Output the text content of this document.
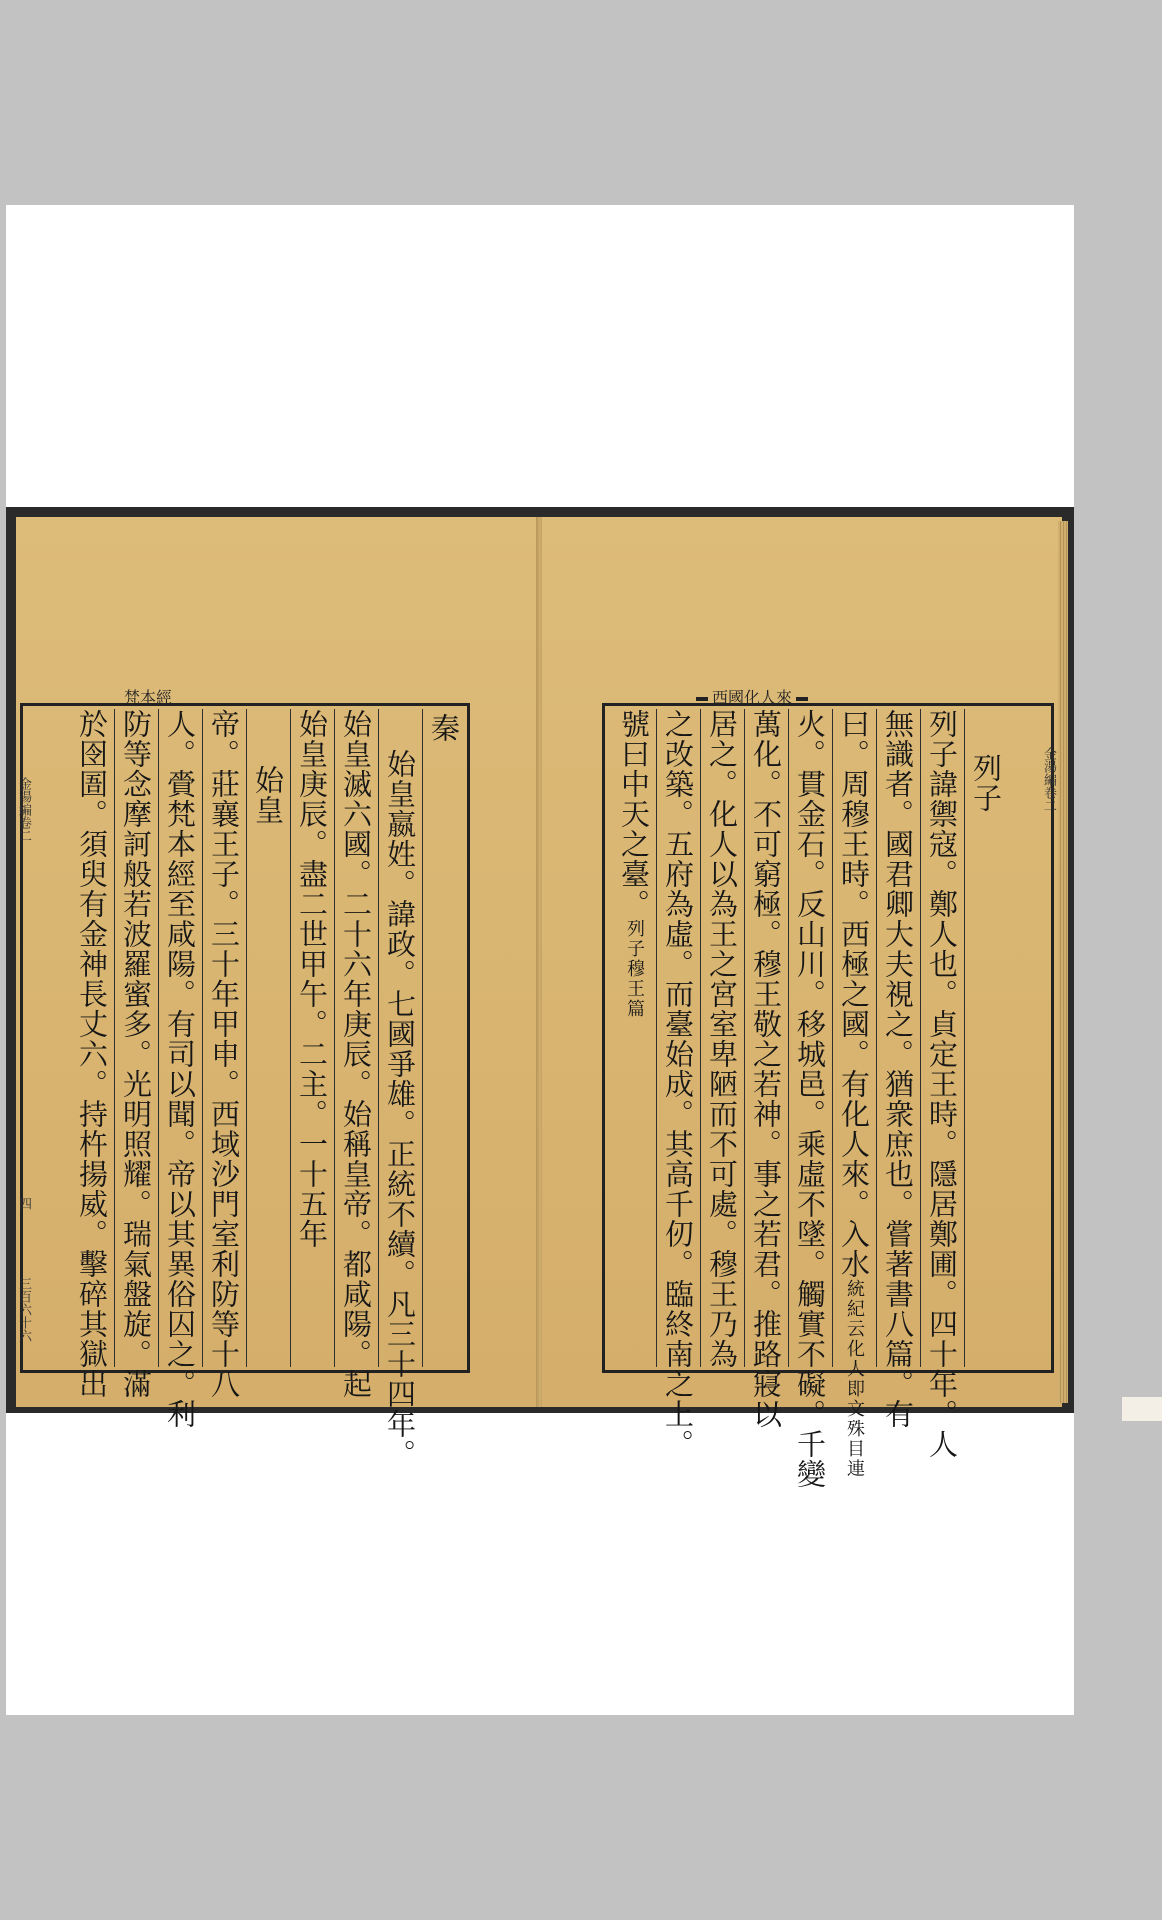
梵本經
金湯編卷二
四
三百六十六
秦
始皇嬴姓。諱政。七國爭雄。正統不續。凡三十四年。
始皇滅六國。二十六年庚辰。始稱皇帝。都咸陽。起
始皇庚辰。盡二世甲午。二主。一十五年
始皇
帝。莊襄王子。三十年甲申。西域沙門室利防等十八
人。賫梵本經至咸陽。有司以聞。帝以其異俗囚之。利
防等念摩訶般若波羅蜜多。光明照耀。瑞氣盤旋。滿
於囹圄。須臾有金神長丈六。持杵揚威。擊碎其獄出
西國化人來
金湯編卷二
列子
列子諱禦寇。鄭人也。貞定王時。隱居鄭圃。四十年。人
無識者。國君卿大夫視之。猶衆庶也。嘗著書八篇。有
曰。周穆王時。西極之國。有化人來。入水統紀云化人即文殊目連
火。貫金石。反山川。移城邑。乘虛不墜。觸實不礙。千變
萬化。不可窮極。穆王敬之若神。事之若君。推路寢以
居之。化人以為王之宮室卑陋而不可處。穆王乃為
之改築。五府為虛。而臺始成。其高千仞。臨終南之上。
號曰中天之臺。列子穆王篇
